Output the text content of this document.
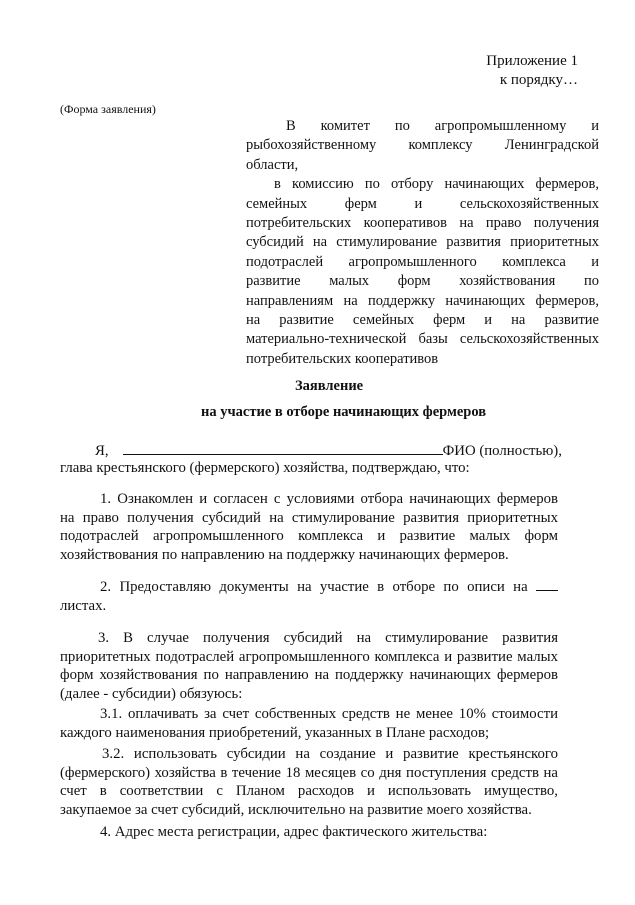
Приложение 1

к порядку…

(Форма заявления)

В комитет по агропромышленному и
рыбохозяйственному комплексу Ленинградской
области,
в комиссию по отбору начинающих фермеров,
семейных ферм и сельскохозяйственных
потребительских кооперативов на право получения
субсидий на стимулирование развития приоритетных
подотраслей агропромышленного комплекса и
развитие малых форм хозяйствования по
направлениям на поддержку начинающих фермеров,
на развитие семейных ферм и на развитие
материально-технической базы сельскохозяйственных
потребительских кооперативов

Заявление

на участие в отборе начинающих фермеров

Я,	ФИО (полностью),
глава крестьянского (фермерского) хозяйства, подтверждаю, что:
1. Ознакомлен и согласен с условиями отбора начинающих фермеров
на право получения субсидий на стимулирование развития приоритетных
подотраслей агропромышленного комплекса и развитие малых форм
хозяйствования по направлению на поддержку начинающих фермеров.
2. Предоставляю документы на участие в отборе по описи на
листах.
3. В случае получения субсидий на стимулирование развития
приоритетных подотраслей агропромышленного комплекса и развитие малых
форм хозяйствования по направлению на поддержку начинающих фермеров
(далее - субсидии) обязуюсь:
3.1. оплачивать за счет собственных средств не менее 10% стоимости
каждого наименования приобретений, указанных в Плане расходов;
3.2. использовать субсидии на создание и развитие крестьянского
(фермерского) хозяйства в течение 18 месяцев со дня поступления средств на
счет в соответствии с Планом расходов и использовать имущество,
закупаемое за счет субсидий, исключительно на развитие моего хозяйства.
4. Адрес места регистрации, адрес фактического жительства:
